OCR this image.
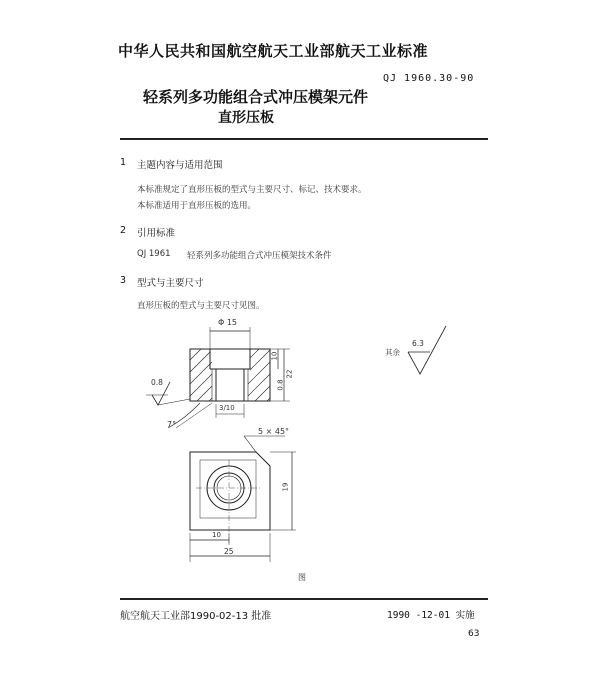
中华人民共和国航空航天工业部航天工业标准
QJ 1960.30-90
轻系列多功能组合式冲压模架元件
直形压板
1 主题内容与适用范围
本标准规定了直形压板的型式与主要尺寸、标记、技术要求。
本标准适用于直形压板的选用。
2 引用标准
QJ 1961 轻系列多功能组合式冲压模架技术条件
3 型式与主要尺寸
直形压板的型式与主要尺寸见图。
Φ 15
10
22
0.8
3/10
0.8
7°
5 × 45°
19
10
25
其余
6.3
图
航空航天工业部1990-02-13 批准	1990 -12-01 实施
63
